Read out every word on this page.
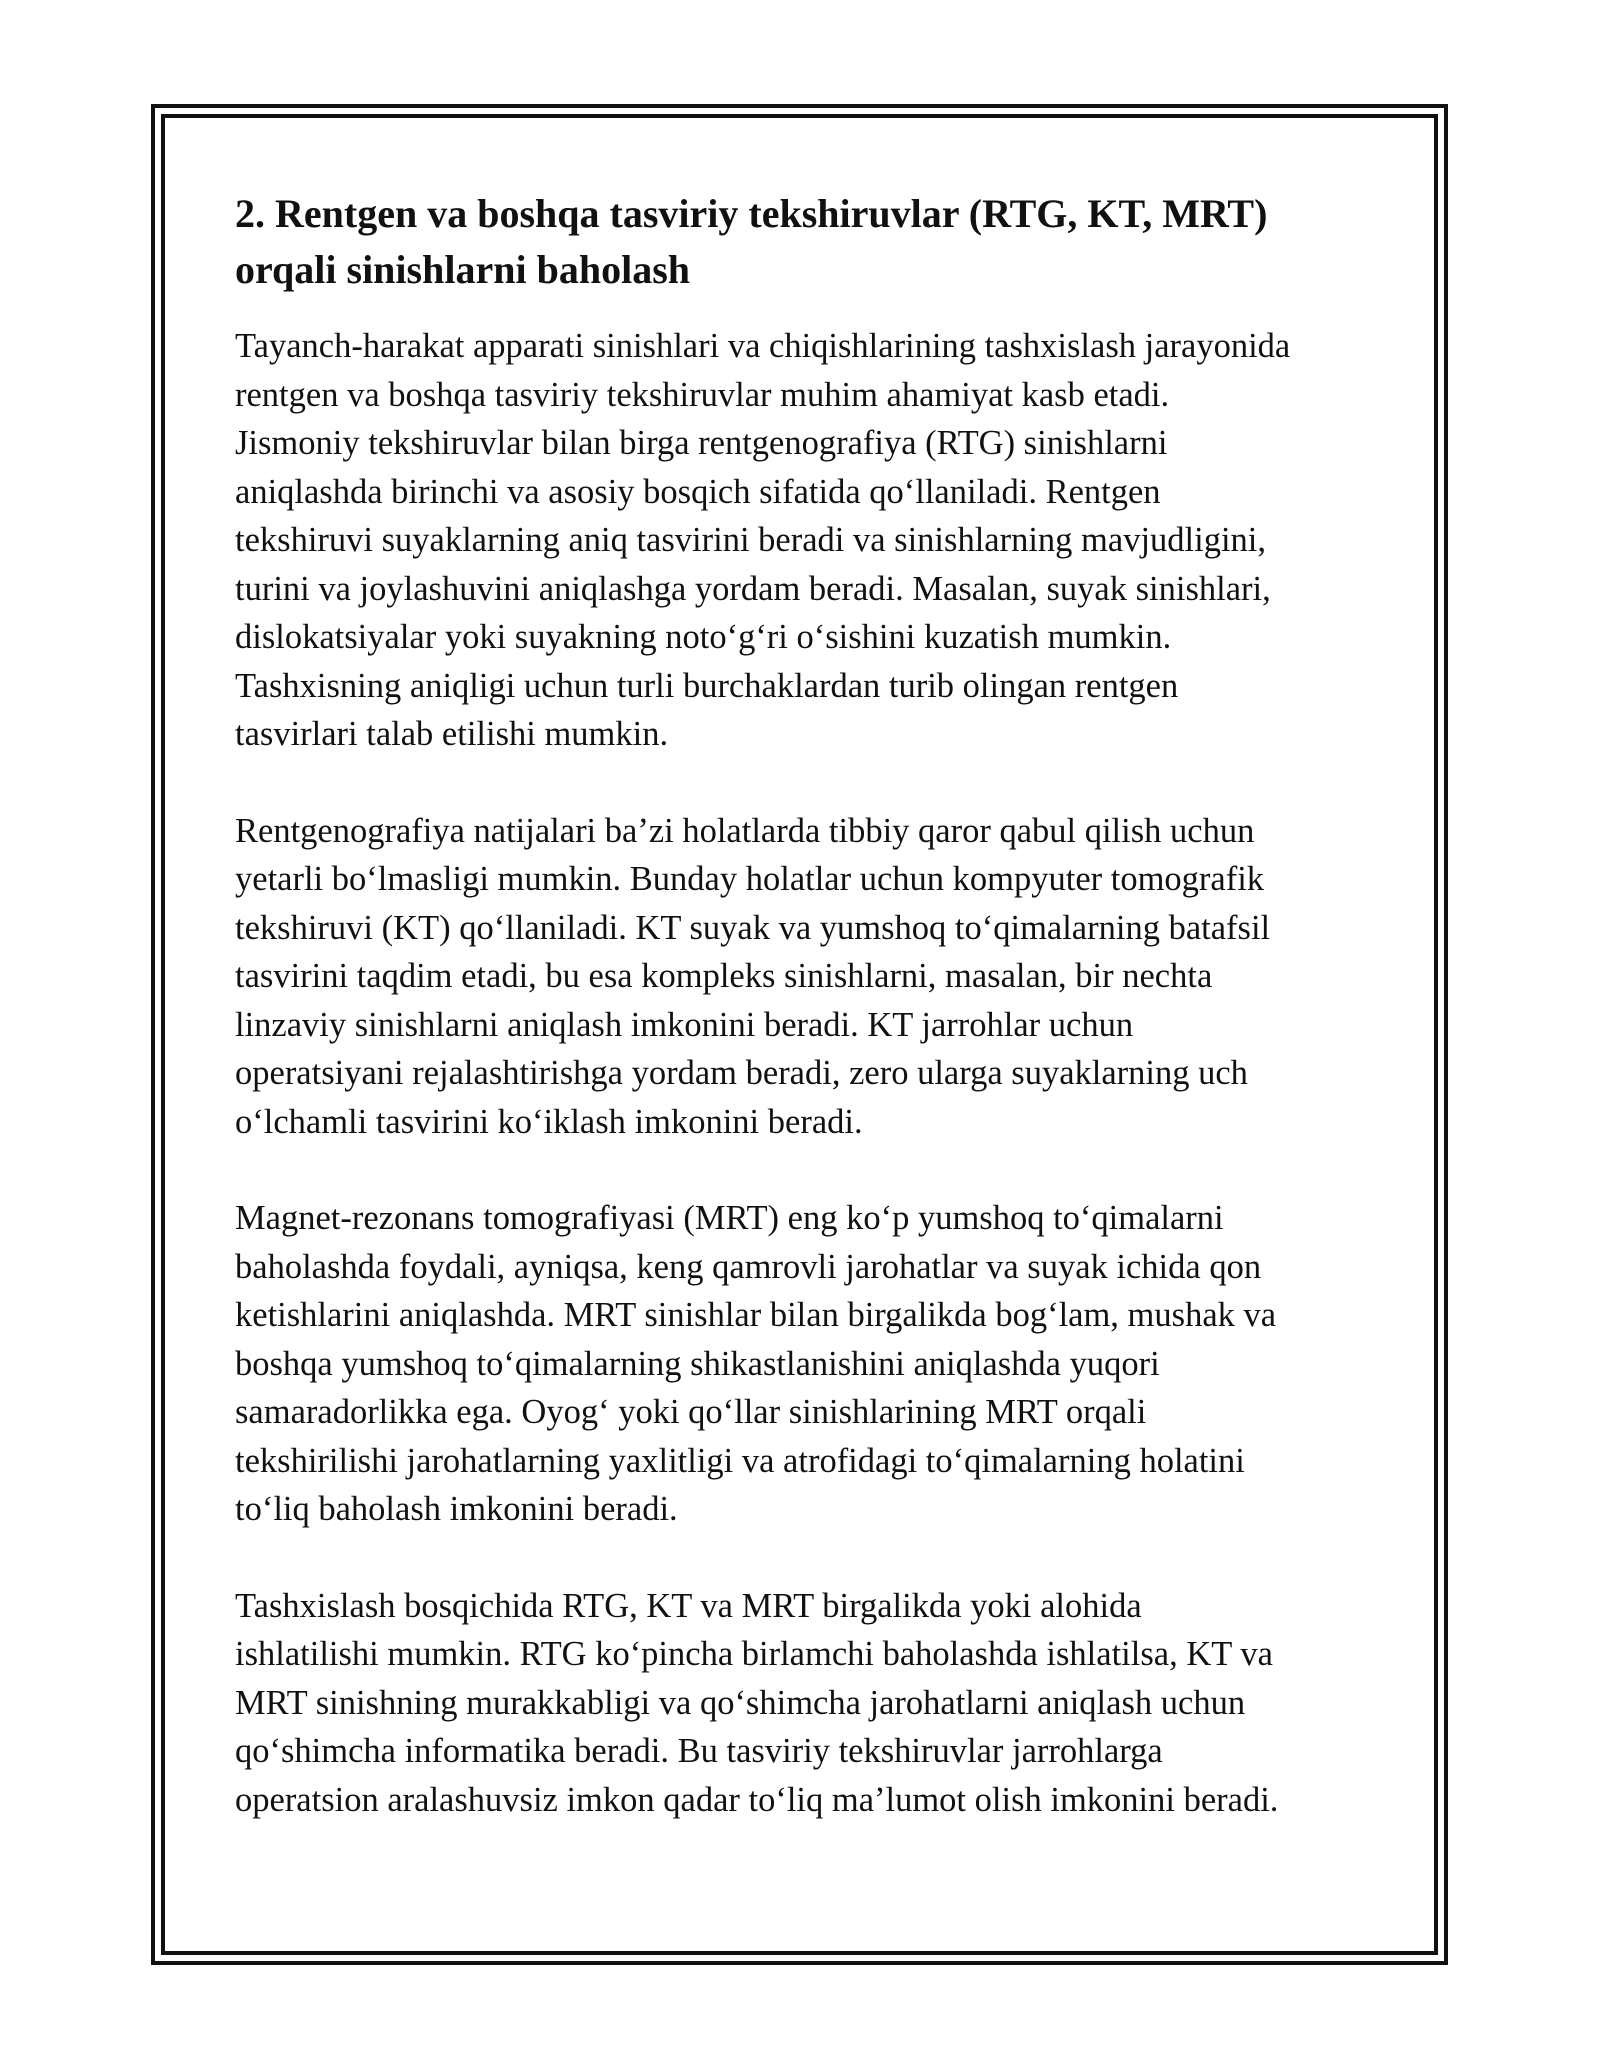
2. Rentgen va boshqa tasviriy tekshiruvlar (RTG, KT, MRT)
orqali sinishlarni baholash

Tayanch-harakat apparati sinishlari va chiqishlarining tashxislash jarayonida
rentgen va boshqa tasviriy tekshiruvlar muhim ahamiyat kasb etadi.
Jismoniy tekshiruvlar bilan birga rentgenografiya (RTG) sinishlarni
aniqlashda birinchi va asosiy bosqich sifatida qoʻllaniladi. Rentgen
tekshiruvi suyaklarning aniq tasvirini beradi va sinishlarning mavjudligini,
turini va joylashuvini aniqlashga yordam beradi. Masalan, suyak sinishlari,
dislokatsiyalar yoki suyakning notoʻgʻri oʻsishini kuzatish mumkin.
Tashxisning aniqligi uchun turli burchaklardan turib olingan rentgen
tasvirlari talab etilishi mumkin.

Rentgenografiya natijalari baʼzi holatlarda tibbiy qaror qabul qilish uchun
yetarli boʻlmasligi mumkin. Bunday holatlar uchun kompyuter tomografik
tekshiruvi (KT) qoʻllaniladi. KT suyak va yumshoq toʻqimalarning batafsil
tasvirini taqdim etadi, bu esa kompleks sinishlarni, masalan, bir nechta
linzaviy sinishlarni aniqlash imkonini beradi. KT jarrohlar uchun
operatsiyani rejalashtirishga yordam beradi, zero ularga suyaklarning uch
oʻlchamli tasvirini koʻiklash imkonini beradi.

Magnet-rezonans tomografiyasi (MRT) eng koʻp yumshoq toʻqimalarni
baholashda foydali, ayniqsa, keng qamrovli jarohatlar va suyak ichida qon
ketishlarini aniqlashda. MRT sinishlar bilan birgalikda bogʻlam, mushak va
boshqa yumshoq toʻqimalarning shikastlanishini aniqlashda yuqori
samaradorlikka ega. Oyogʻ yoki qoʻllar sinishlarining MRT orqali
tekshirilishi jarohatlarning yaxlitligi va atrofidagi toʻqimalarning holatini
toʻliq baholash imkonini beradi.

Tashxislash bosqichida RTG, KT va MRT birgalikda yoki alohida
ishlatilishi mumkin. RTG koʻpincha birlamchi baholashda ishlatilsa, KT va
MRT sinishning murakkabligi va qoʻshimcha jarohatlarni aniqlash uchun
qoʻshimcha informatika beradi. Bu tasviriy tekshiruvlar jarrohlarga
operatsion aralashuvsiz imkon qadar toʻliq maʼlumot olish imkonini beradi.
